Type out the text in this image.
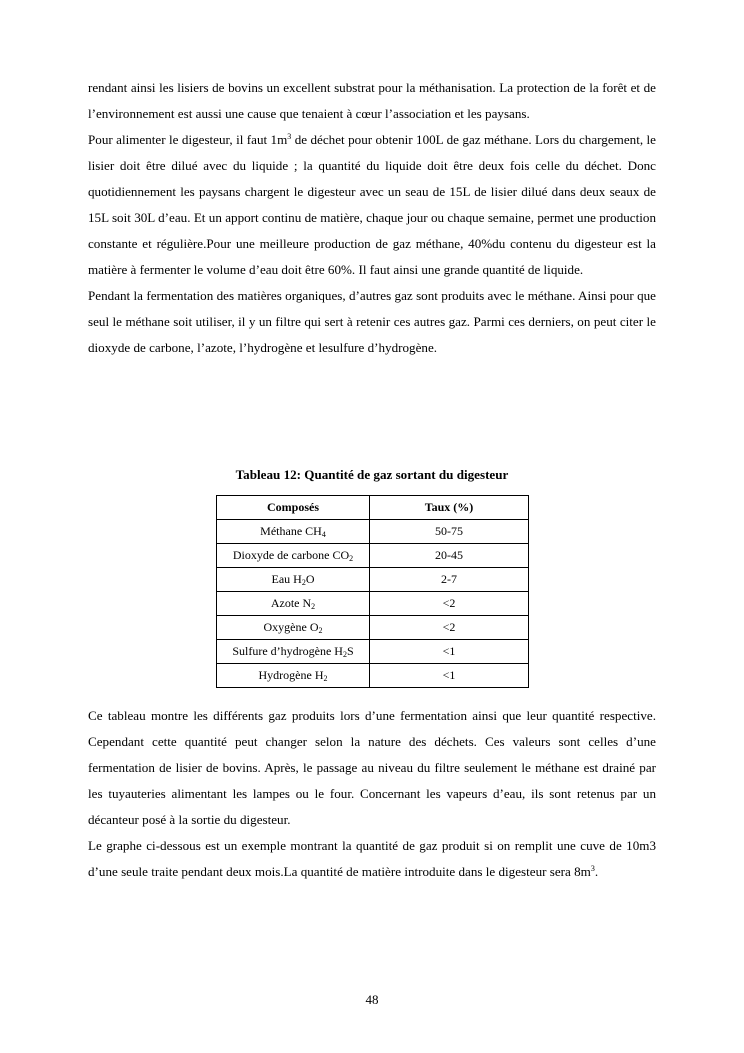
rendant ainsi les lisiers de bovins un excellent substrat pour la méthanisation. La protection de la forêt et de l’environnement est aussi une cause que tenaient à cœur l’association et les paysans.

Pour alimenter le digesteur, il faut $1m^3$ de déchet pour obtenir 100L de gaz méthane. Lors du chargement, le lisier doit être dilué avec du liquide ; la quantité du liquide doit être deux fois celle du déchet. Donc quotidiennement les paysans chargent le digesteur avec un seau de 15L de lisier dilué dans deux seaux de 15L soit 30L d’eau. Et un apport continu de matière, chaque jour ou chaque semaine, permet une production constante et régulière.Pour une meilleure production de gaz méthane, 40%du contenu du digesteur est la matière à fermenter le volume d’eau doit être 60%. Il faut ainsi une grande quantité de liquide.

Pendant la fermentation des matières organiques, d’autres gaz sont produits avec le méthane. Ainsi pour que seul le méthane soit utiliser, il y un filtre qui sert à retenir ces autres gaz. Parmi ces derniers, on peut citer le dioxyde de carbone, l’azote, l’hydrogène et lesulfure d’hydrogène.

Tableau 12: Quantité de gaz sortant du digesteur
Composés	Taux (%)
Méthane $CH_4$	50-75
Dioxyde de carbone $CO_2$	20-45
Eau $H_2O$	2-7
Azote $N_2$	<2
Oxygène $O_2$	<2
Sulfure d’hydrogène $H_2S$	<1
Hydrogène $H_2$	<1

Ce tableau montre les différents gaz produits lors d’une fermentation ainsi que leur quantité respective. Cependant cette quantité peut changer selon la nature des déchets. Ces valeurs sont celles d’une fermentation de lisier de bovins. Après, le passage au niveau du filtre seulement le méthane est drainé par les tuyauteries alimentant les lampes ou le four. Concernant les vapeurs d’eau, ils sont retenus par un décanteur posé à la sortie du digesteur.

Le graphe ci-dessous est un exemple montrant la quantité de gaz produit si on remplit une cuve de 10m3 d’une seule traite pendant deux mois.La quantité de matière introduite dans le digesteur sera $8m^3$.

48
